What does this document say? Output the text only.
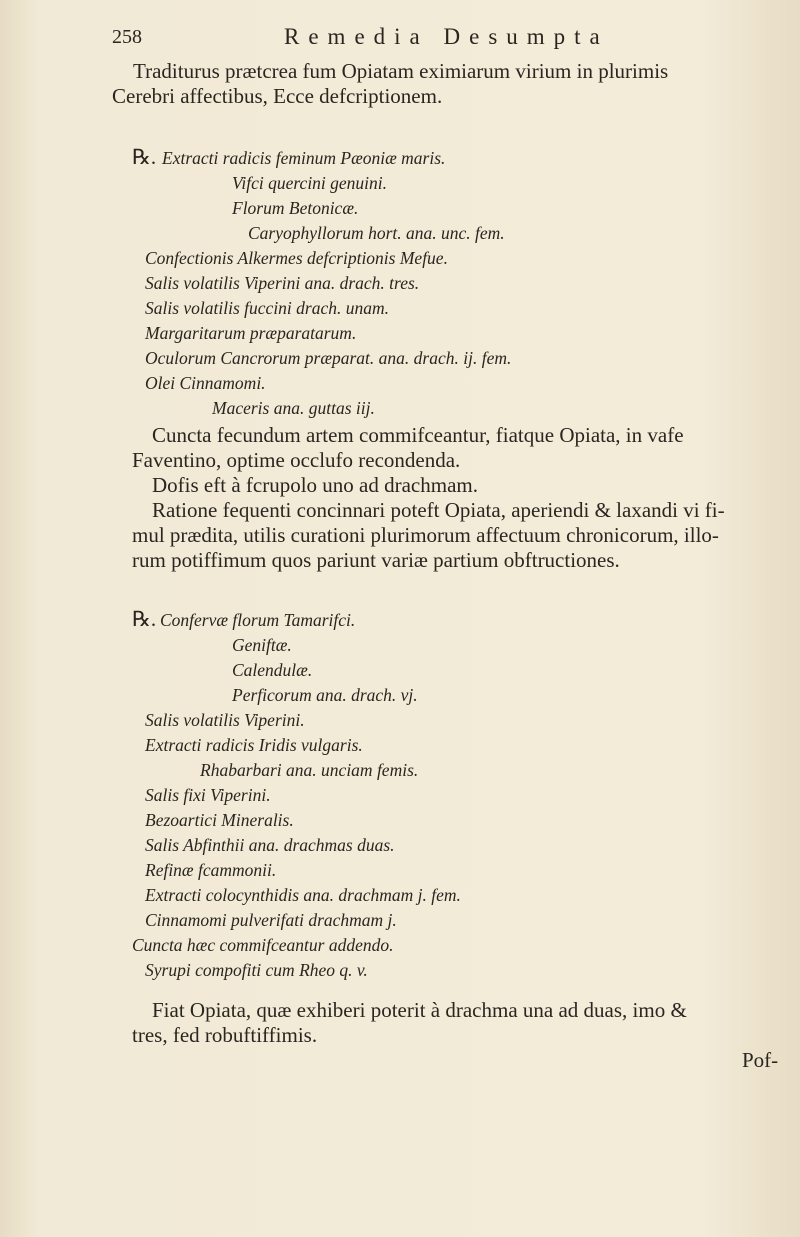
258	Remedia Desumpta
Traditurus prætcrea fum Opiatam eximiarum virium in plurimis
Cerebri affectibus, Ecce defcriptionem.
℞. Extracti radicis feminum Pæoniæ maris.
Vifci quercini genuini.
Florum Betonicæ.
Caryophyllorum hort. ana. unc. fem.
Confectionis Alkermes defcriptionis Mefue.
Salis volatilis Viperini ana. drach. tres.
Salis volatilis fuccini drach. unam.
Margaritarum præparatarum.
Oculorum Cancrorum præparat. ana. drach. ij. fem.
Olei Cinnamomi.
Maceris ana. guttas iij.
Cuncta fecundum artem commifceantur, fiatque Opiata, in vafe
Faventino, optime occlufo recondenda.
Dofis eft à fcrupolo uno ad drachmam.
Ratione fequenti concinnari poteft Opiata, aperiendi & laxandi vi fi-
mul prædita, utilis curationi plurimorum affectuum chronicorum, illo-
rum potiffimum quos pariunt variæ partium obftructiones.
℞. Confervæ florum Tamarifci.
Geniftæ.
Calendulæ.
Perficorum ana. drach. vj.
Salis volatilis Viperini.
Extracti radicis Iridis vulgaris.
Rhabarbari ana. unciam femis.
Salis fixi Viperini.
Bezoartici Mineralis.
Salis Abfinthii ana. drachmas duas.
Refinæ fcammonii.
Extracti colocynthidis ana. drachmam j. fem.
Cinnamomi pulverifati drachmam j.
Cuncta hæc commifceantur addendo.
Syrupi compofiti cum Rheo q. v.
Fiat Opiata, quæ exhiberi poterit à drachma una ad duas, imo &
tres, fed robuftiffimis.
Pof-
